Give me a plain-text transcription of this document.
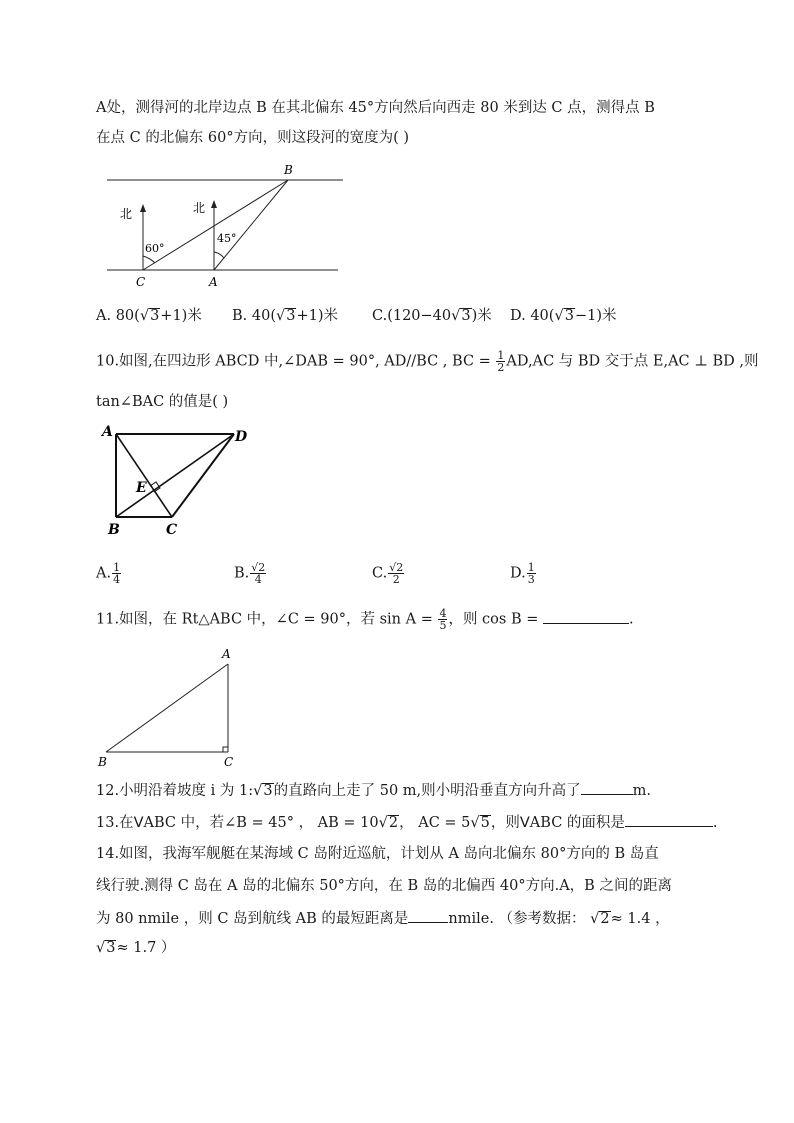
A处，测得河的北岸边点 B 在其北偏东 45°方向然后向西走 80 米到达 C 点，测得点 B
在点 C 的北偏东 60°方向，则这段河的宽度为( )
B
C	A
北	北
60°
45°
A. 80(√3+1)米 B. 40(√3+1)米 C.(120−40√3)米 D. 40(√3−1)米
10.如图,在四边形 ABCD 中,∠DAB = 90°, AD//BC , BC = $\frac{1}{2} AD,AC$ 与 BD 交于点 E,AC ⊥ BD ,则
tan∠BAC 的值是( )
A	D
E
B	C
A. $\frac{1}{4}$	B. $\frac{√2}{4}$	C. $\frac{√2}{2}$	D. $\frac{1}{3}$
11.如图，在 Rt△ABC 中，∠C = 90°，若 $\sin A = \frac{4}{5}$ ，则 cos B =	.
A
B	C
12.小明沿着坡度 i 为 1:√3的直路向上走了 50 m,则小明沿垂直方向升高了	m.
13.在VABC 中，若∠B = 45° ， AB = 10√2， AC = 5√5，则VABC 的面积是	.
14.如图，我海军舰艇在某海域 C 岛附近巡航，计划从 A 岛向北偏东 80°方向的 B 岛直
线行驶.测得 C 岛在 A 岛的北偏东 50°方向，在 B 岛的北偏西 40°方向.A，B 之间的距离
为 80 nmile ，则 C 岛到航线 AB 的最短距离是	nmile. （参考数据： √2≈ 1.4 ，
√3≈ 1.7 ）
